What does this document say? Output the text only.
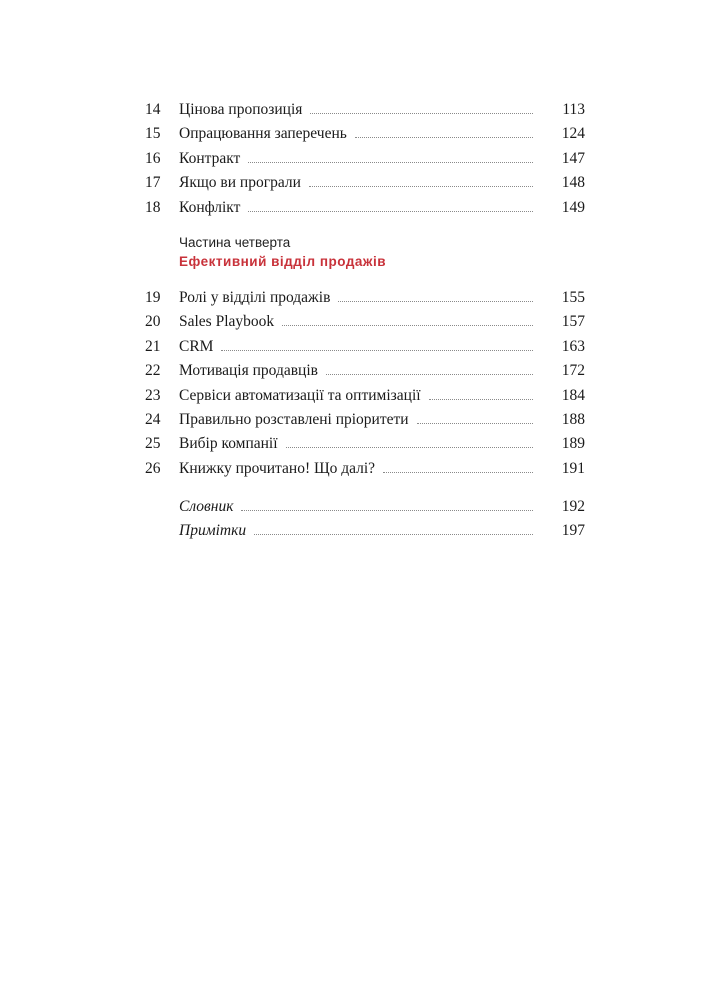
14	Цінова пропозиція	113
15	Опрацювання заперечень	124
16	Контракт	147
17	Якщо ви програли	148
18	Конфлікт	149
Частина четверта
Ефективний відділ продажів
19	Ролі у відділі продажів	155
20	Sales Playbook	157
21	CRM	163
22	Мотивація продавців	172
23	Сервіси автоматизації та оптимізації	184
24	Правильно розставлені пріоритети	188
25	Вибір компанії	189
26	Книжку прочитано! Що далі?	191
Словник	192
Примітки	197
